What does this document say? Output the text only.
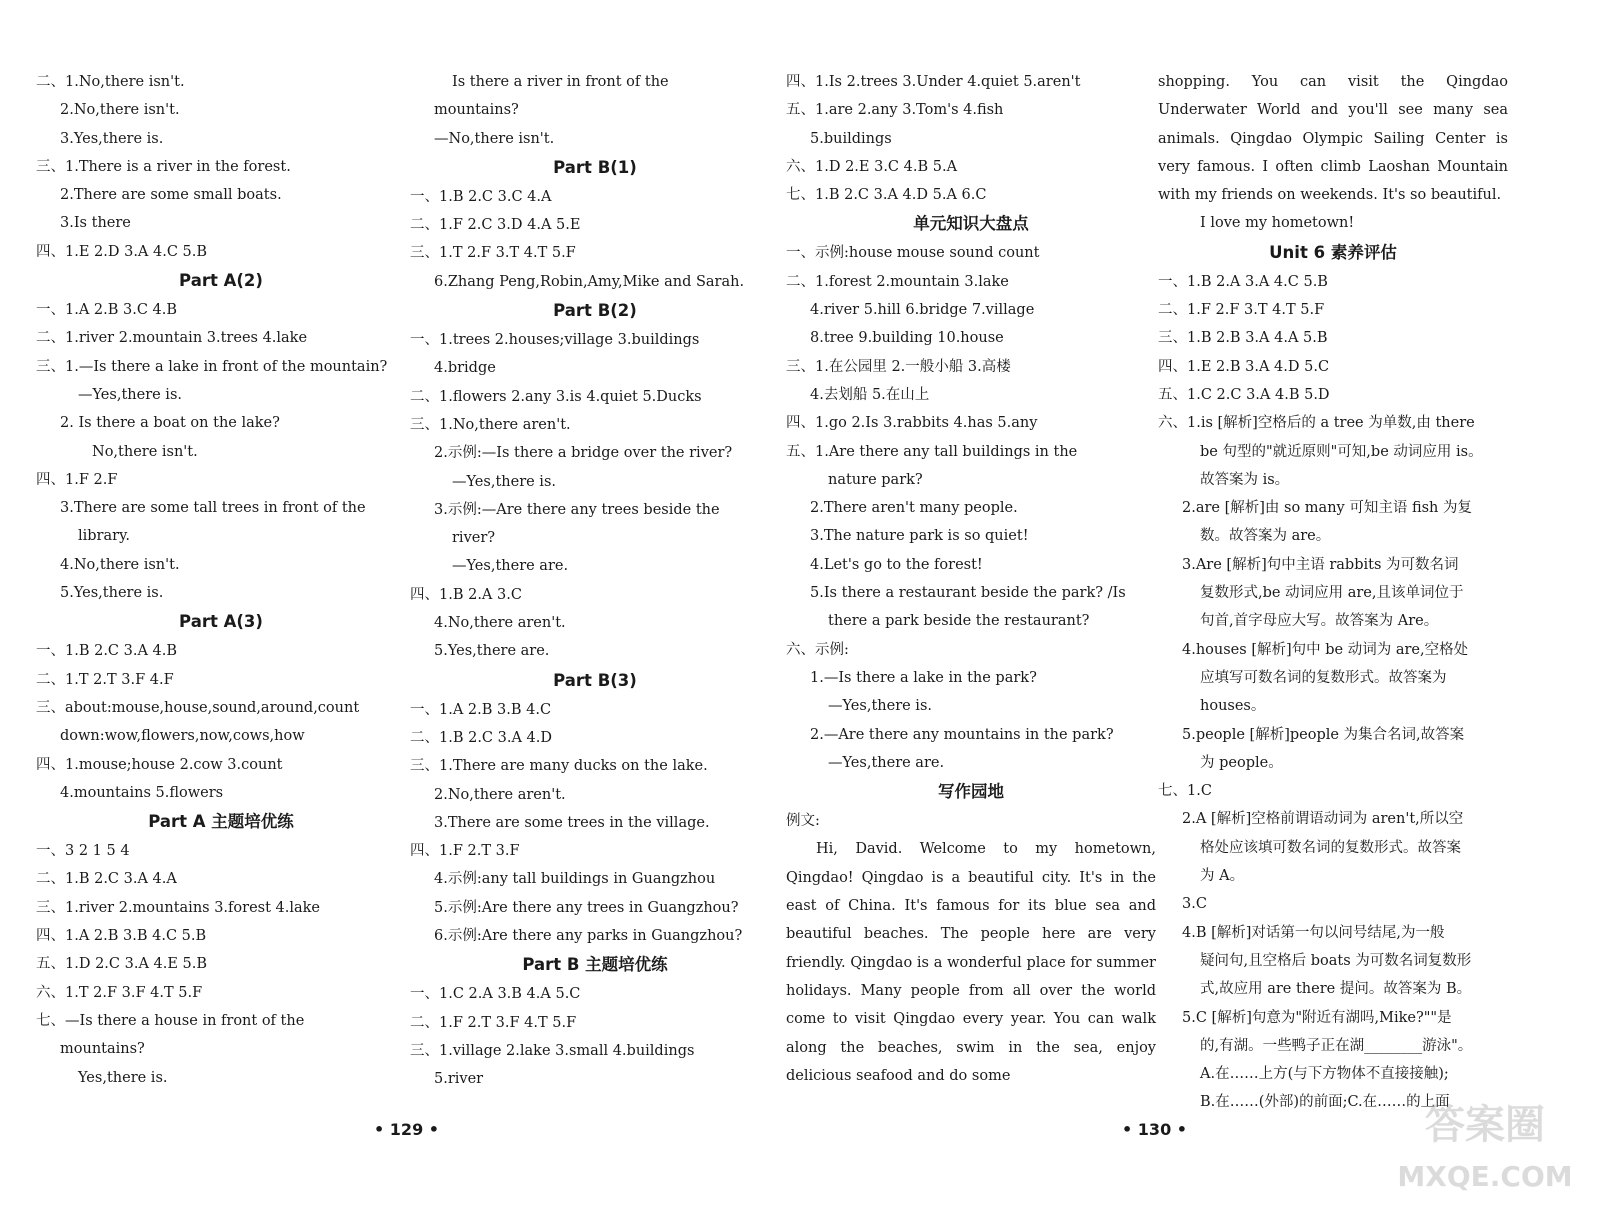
二、1.No,there isn't.
2.No,there isn't.
3.Yes,there is.
三、1.There is a river in the forest.
2.There are some small boats.
3.Is there
四、1.E 2.D 3.A 4.C 5.B
Part A(2)
一、1.A 2.B 3.C 4.B
二、1.river 2.mountain 3.trees 4.lake
三、1.—Is there a lake in front of the mountain?
—Yes,there is.
2. Is there a boat on the lake?
No,there isn't.
四、1.F 2.F
3.There are some tall trees in front of the
library.
4.No,there isn't.
5.Yes,there is.
Part A(3)
一、1.B 2.C 3.A 4.B
二、1.T 2.T 3.F 4.F
三、about:mouse,house,sound,around,count
down:wow,flowers,now,cows,how
四、1.mouse;house 2.cow 3.count
4.mountains 5.flowers
Part A 主题培优练
一、3 2 1 5 4
二、1.B 2.C 3.A 4.A
三、1.river 2.mountains 3.forest 4.lake
四、1.A 2.B 3.B 4.C 5.B
五、1.D 2.C 3.A 4.E 5.B
六、1.T 2.F 3.F 4.T 5.F
七、—Is there a house in front of the
mountains?
Yes,there is.
Is there a river in front of the
mountains?
—No,there isn't.
Part B(1)
一、1.B 2.C 3.C 4.A
二、1.F 2.C 3.D 4.A 5.E
三、1.T 2.F 3.T 4.T 5.F
6.Zhang Peng,Robin,Amy,Mike and Sarah.
Part B(2)
一、1.trees 2.houses;village 3.buildings
4.bridge
二、1.flowers 2.any 3.is 4.quiet 5.Ducks
三、1.No,there aren't.
2.示例:—Is there a bridge over the river?
—Yes,there is.
3.示例:—Are there any trees beside the
river?
—Yes,there are.
四、1.B 2.A 3.C
4.No,there aren't.
5.Yes,there are.
Part B(3)
一、1.A 2.B 3.B 4.C
二、1.B 2.C 3.A 4.D
三、1.There are many ducks on the lake.
2.No,there aren't.
3.There are some trees in the village.
四、1.F 2.T 3.F
4.示例:any tall buildings in Guangzhou
5.示例:Are there any trees in Guangzhou?
6.示例:Are there any parks in Guangzhou?
Part B 主题培优练
一、1.C 2.A 3.B 4.A 5.C
二、1.F 2.T 3.F 4.T 5.F
三、1.village 2.lake 3.small 4.buildings
5.river
四、1.Is 2.trees 3.Under 4.quiet 5.aren't
五、1.are 2.any 3.Tom's 4.fish
5.buildings
六、1.D 2.E 3.C 4.B 5.A
七、1.B 2.C 3.A 4.D 5.A 6.C
单元知识大盘点
一、示例:house mouse sound count
二、1.forest 2.mountain 3.lake
4.river 5.hill 6.bridge 7.village
8.tree 9.building 10.house
三、1.在公园里 2.一般小船 3.高楼
4.去划船 5.在山上
四、1.go 2.Is 3.rabbits 4.has 5.any
五、1.Are there any tall buildings in the
nature park?
2.There aren't many people.
3.The nature park is so quiet!
4.Let's go to the forest!
5.Is there a restaurant beside the park? /Is
there a park beside the restaurant?
六、示例:
1.—Is there a lake in the park?
—Yes,there is.
2.—Are there any mountains in the park?
—Yes,there are.
写作园地
例文:
Hi, David. Welcome to my hometown, Qingdao! Qingdao is a beautiful city. It's in the east of China. It's famous for its blue sea and beautiful beaches. The people here are very friendly. Qingdao is a wonderful place for summer holidays. Many people from all over the world come to visit Qingdao every year. You can walk along the beaches, swim in the sea, enjoy delicious seafood and do some
shopping. You can visit the Qingdao Underwater World and you'll see many sea animals. Qingdao Olympic Sailing Center is very famous. I often climb Laoshan Mountain with my friends on weekends. It's so beautiful.
I love my hometown!
Unit 6 素养评估
一、1.B 2.A 3.A 4.C 5.B
二、1.F 2.F 3.T 4.T 5.F
三、1.B 2.B 3.A 4.A 5.B
四、1.E 2.B 3.A 4.D 5.C
五、1.C 2.C 3.A 4.B 5.D
六、1.is [解析]空格后的 a tree 为单数,由 there
be 句型的"就近原则"可知,be 动词应用 is。
故答案为 is。
2.are [解析]由 so many 可知主语 fish 为复
数。故答案为 are。
3.Are [解析]句中主语 rabbits 为可数名词
复数形式,be 动词应用 are,且该单词位于
句首,首字母应大写。故答案为 Are。
4.houses [解析]句中 be 动词为 are,空格处
应填写可数名词的复数形式。故答案为
houses。
5.people [解析]people 为集合名词,故答案
为 people。
七、1.C
2.A [解析]空格前谓语动词为 aren't,所以空
格处应该填可数名词的复数形式。故答案
为 A。
3.C
4.B [解析]对话第一句以问号结尾,为一般
疑问句,且空格后 boats 为可数名词复数形
式,故应用 are there 提问。故答案为 B。
5.C [解析]句意为"附近有湖吗,Mike?""是
的,有湖。一些鸭子正在湖________游泳"。
A.在……上方(与下方物体不直接接触);
B.在……(外部)的前面;C.在……的上面
• 129 •	• 130 •	答案圈
MXQE.COM
